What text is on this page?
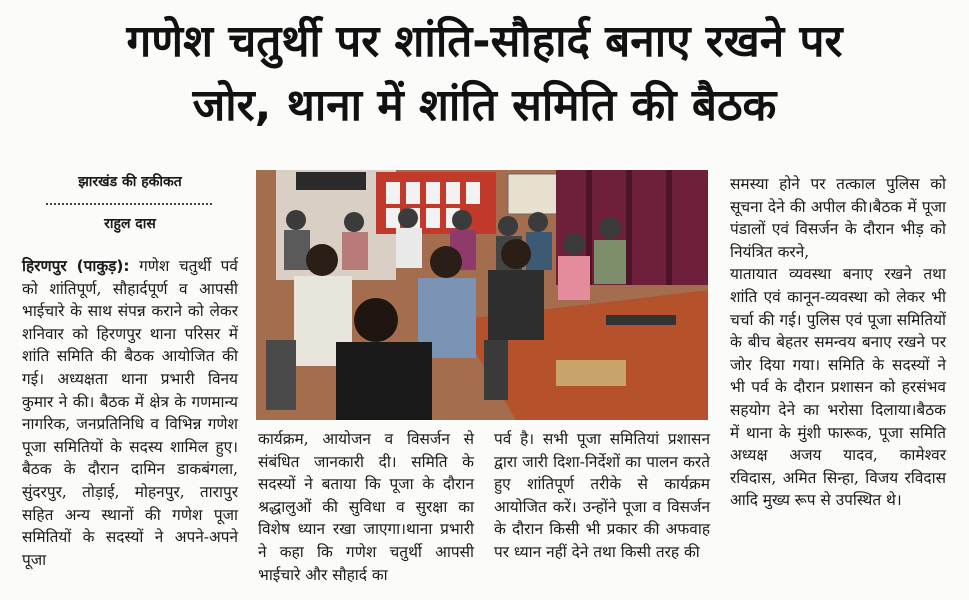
गणेश चतुर्थी पर शांति-सौहार्द बनाए रखने पर
जोर, थाना में शांति समिति की बैठक
झारखंड की हकीकत
राहुल दास

हिरणपुर (पाकुड़): गणेश चतुर्थी पर्व को शांतिपूर्ण, सौहार्दपूर्ण व आपसी भाईचारे के साथ संपन्न कराने को लेकर शनिवार को हिरणपुर थाना परिसर में शांति समिति की बैठक आयोजित की गई। अध्यक्षता थाना प्रभारी विनय कुमार ने की। बैठक में क्षेत्र के गणमान्य नागरिक, जनप्रतिनिधि व विभिन्न गणेश पूजा समितियों के सदस्य शामिल हुए।बैठक के दौरान दामिन डाकबंगला, सुंदरपुर, तोड़ाई, मोहनपुर, तारापुर सहित अन्य स्थानों की गणेश पूजा समितियों के सदस्यों ने अपने-अपने पूजा

कार्यक्रम, आयोजन व विसर्जन से संबंधित जानकारी दी। समिति के सदस्यों ने बताया कि पूजा के दौरान श्रद्धालुओं की सुविधा व सुरक्षा का विशेष ध्यान रखा जाएगा।थाना प्रभारी ने कहा कि गणेश चतुर्थी आपसी भाईचारे और सौहार्द का

पर्व है। सभी पूजा समितियां प्रशासन द्वारा जारी दिशा-निर्देशों का पालन करते हुए शांतिपूर्ण तरीके से कार्यक्रम आयोजित करें। उन्होंने पूजा व विसर्जन के दौरान किसी भी प्रकार की अफवाह पर ध्यान नहीं देने तथा किसी तरह की

समस्या होने पर तत्काल पुलिस को सूचना देने की अपील की।बैठक में पूजा पंडालों एवं विसर्जन के दौरान भीड़ को नियंत्रित करने,

यातायात व्यवस्था बनाए रखने तथा शांति एवं कानून-व्यवस्था को लेकर भी चर्चा की गई। पुलिस एवं पूजा समितियों के बीच बेहतर समन्वय बनाए रखने पर जोर दिया गया। समिति के सदस्यों ने भी पर्व के दौरान प्रशासन को हरसंभव सहयोग देने का भरोसा दिलाया।बैठक में थाना के मुंशी फारूक, पूजा समिति अध्यक्ष अजय यादव, कामेश्वर रविदास, अमित सिन्हा, विजय रविदास आदि मुख्य रूप से उपस्थित थे।
